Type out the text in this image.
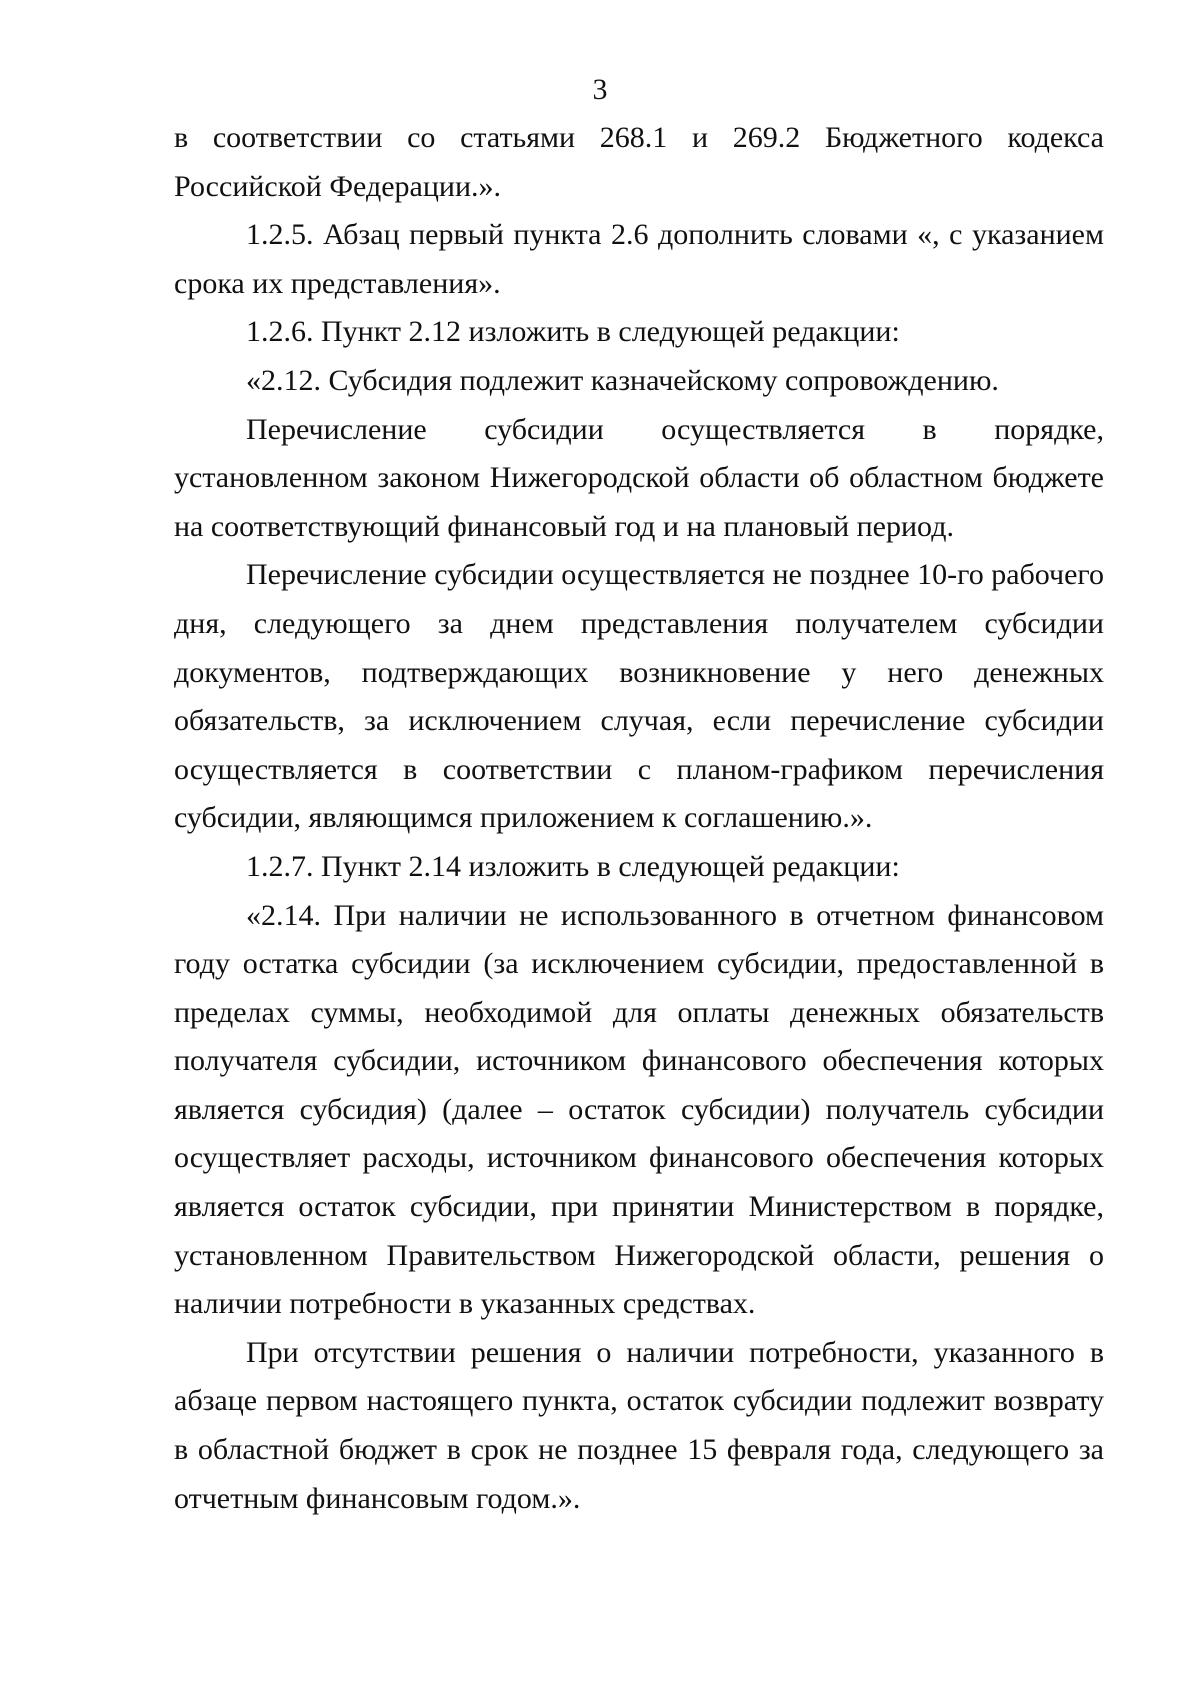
3

в соответствии со статьями 268.1 и 269.2 Бюджетного кодекса Российской Федерации.».

1.2.5. Абзац первый пункта 2.6 дополнить словами «, с указанием срока их представления».

1.2.6. Пункт 2.12 изложить в следующей редакции:

«2.12. Субсидия подлежит казначейскому сопровождению.

Перечисление субсидии осуществляется в порядке, установленном законом Нижегородской области об областном бюджете на соответствующий финансовый год и на плановый период.

Перечисление субсидии осуществляется не позднее 10-го рабочего дня, следующего за днем представления получателем субсидии документов, подтверждающих возникновение у него денежных обязательств, за исключением случая, если перечисление субсидии осуществляется в соответствии с планом-графиком перечисления субсидии, являющимся приложением к соглашению.».

1.2.7. Пункт 2.14 изложить в следующей редакции:

«2.14. При наличии не использованного в отчетном финансовом году остатка субсидии (за исключением субсидии, предоставленной в пределах суммы, необходимой для оплаты денежных обязательств получателя субсидии, источником финансового обеспечения которых является субсидия) (далее – остаток субсидии) получатель субсидии осуществляет расходы, источником финансового обеспечения которых является остаток субсидии, при принятии Министерством в порядке, установленном Правительством Нижегородской области, решения о наличии потребности в указанных средствах.

При отсутствии решения о наличии потребности, указанного в абзаце первом настоящего пункта, остаток субсидии подлежит возврату в областной бюджет в срок не позднее 15 февраля года, следующего за отчетным финансовым годом.».
